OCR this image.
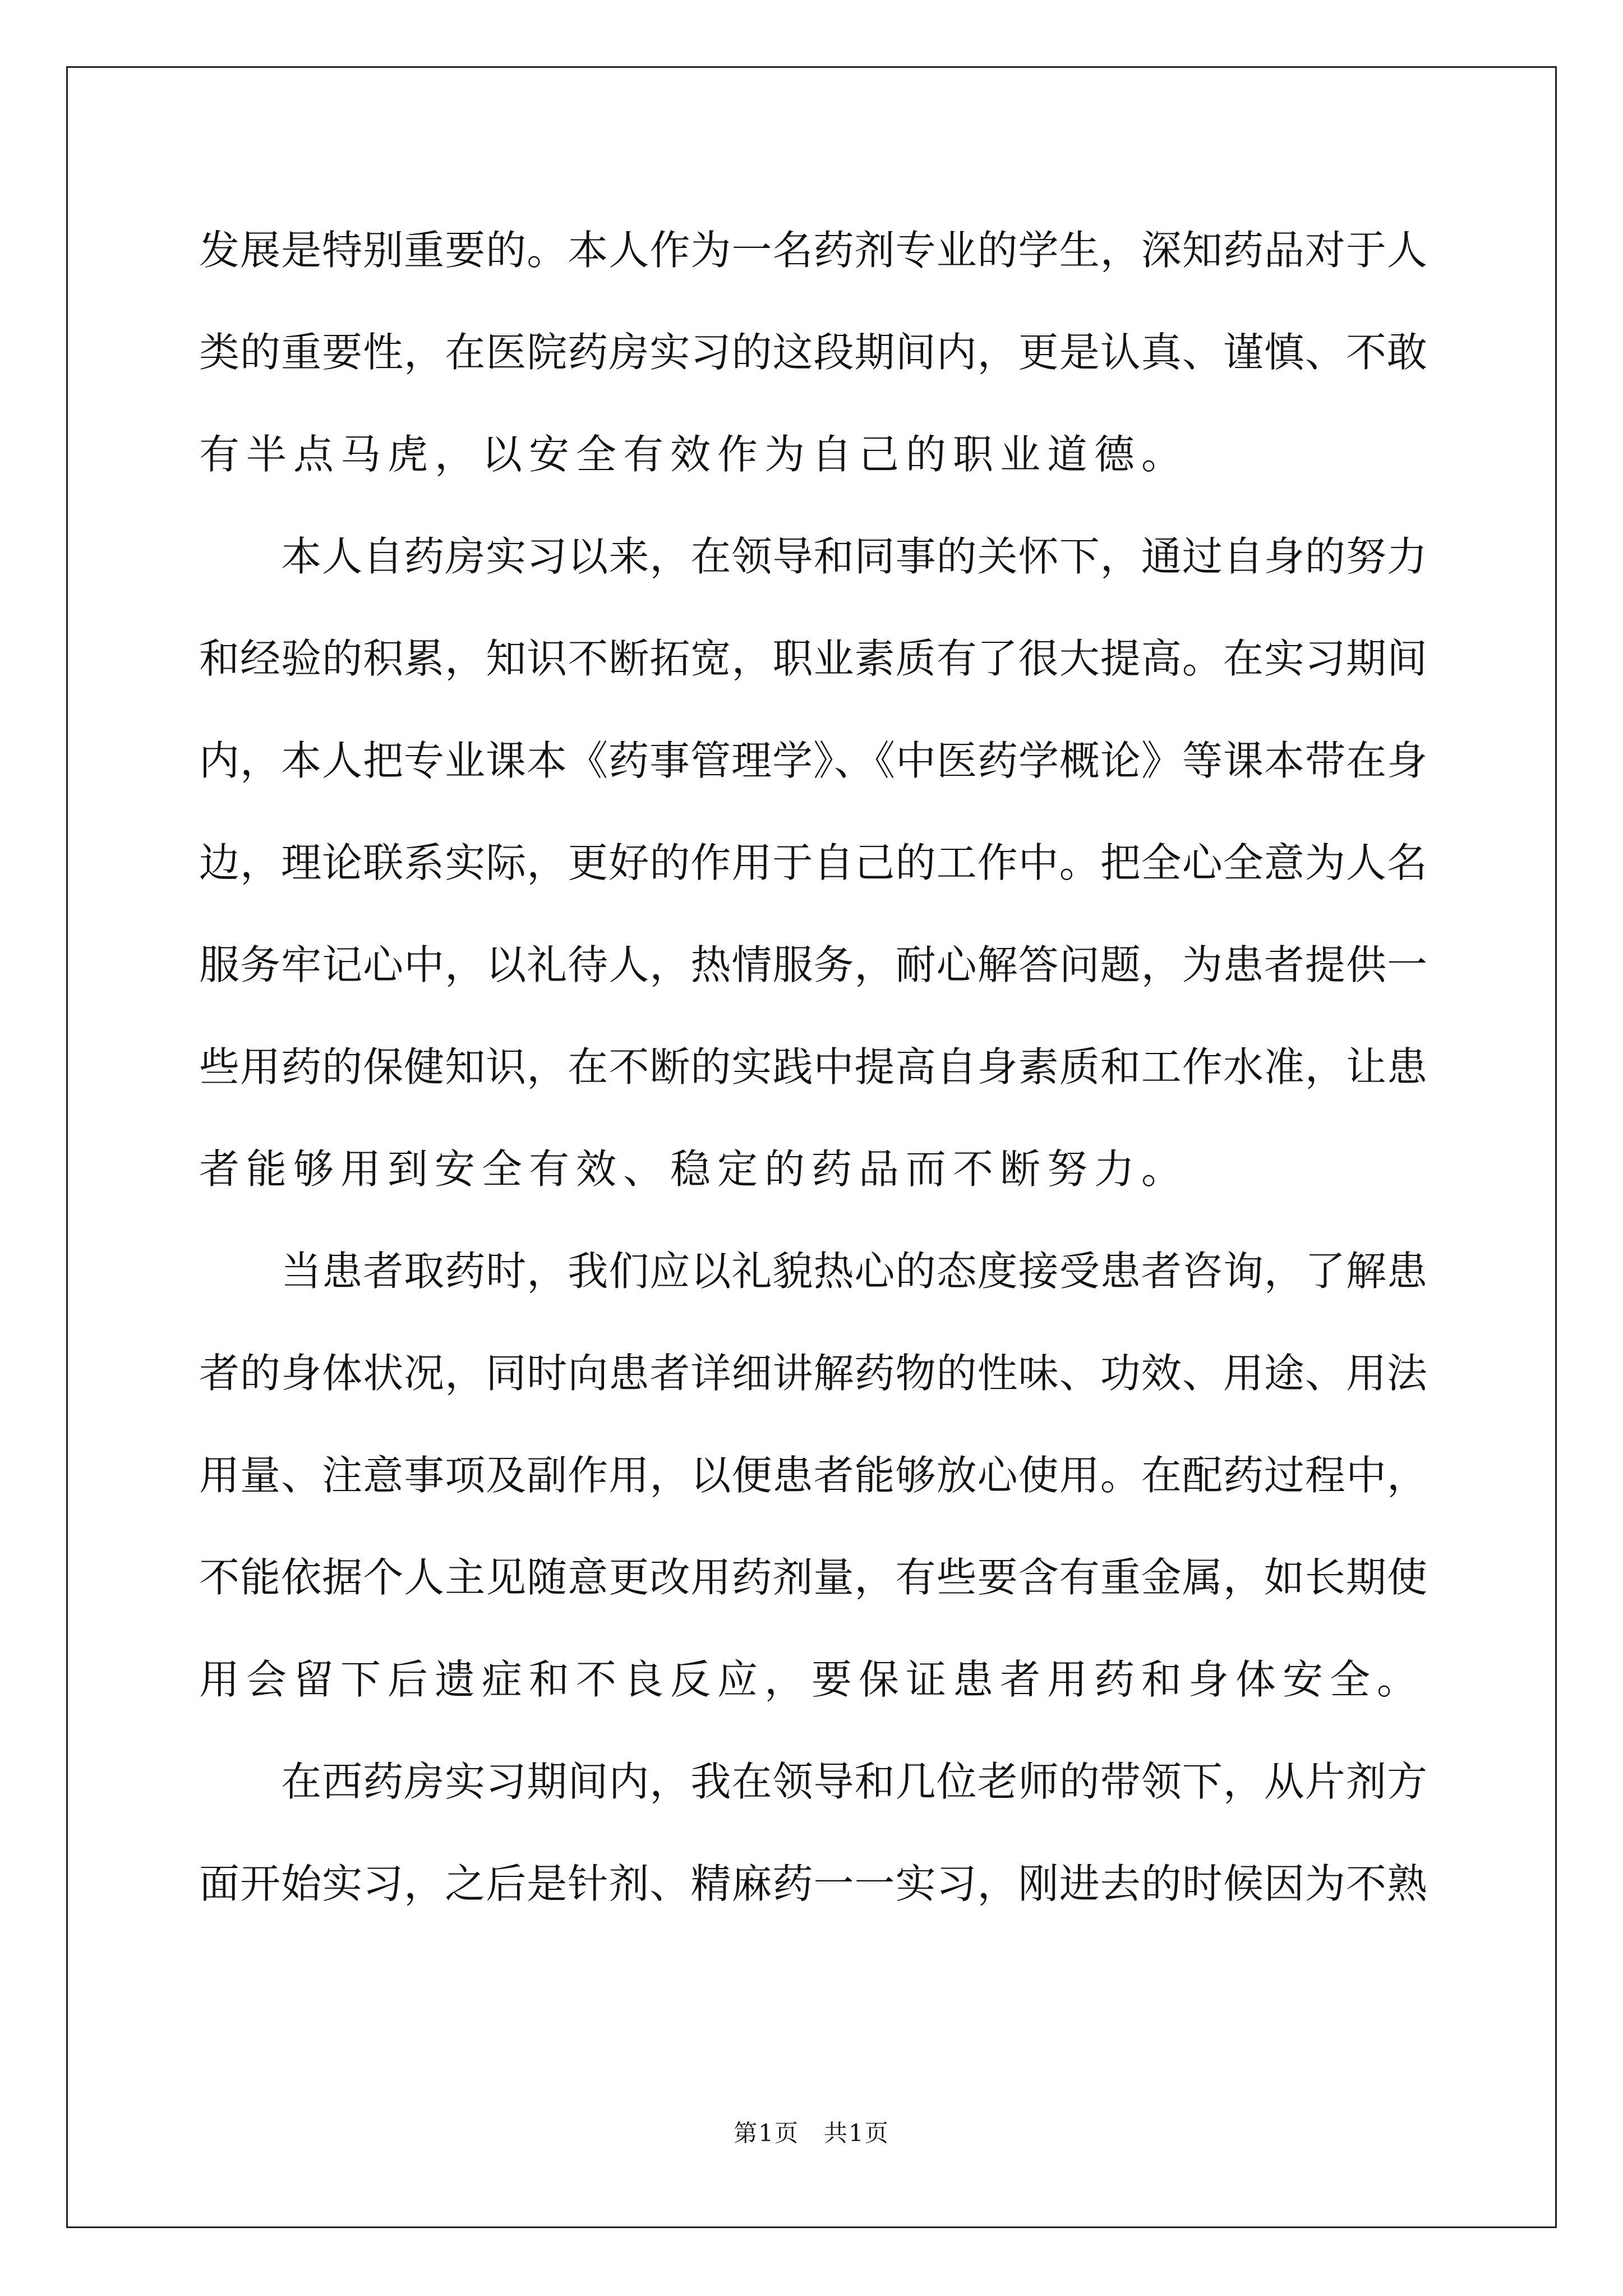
发展是特别重要的。本人作为一名药剂专业的学生，深知药品对于人
类的重要性，在医院药房实习的这段期间内，更是认真、谨慎、不敢
有半点马虎，以安全有效作为自己的职业道德。
　　本人自药房实习以来，在领导和同事的关怀下，通过自身的努力
和经验的积累，知识不断拓宽，职业素质有了很大提高。在实习期间
内，本人把专业课本《药事管理学》、《中医药学概论》等课本带在身
边，理论联系实际，更好的作用于自己的工作中。把全心全意为人名
服务牢记心中，以礼待人，热情服务，耐心解答问题，为患者提供一
些用药的保健知识，在不断的实践中提高自身素质和工作水准，让患
者能够用到安全有效、稳定的药品而不断努力。
　　当患者取药时，我们应以礼貌热心的态度接受患者咨询，了解患
者的身体状况，同时向患者详细讲解药物的性味、功效、用途、用法
用量、注意事项及副作用，以便患者能够放心使用。在配药过程中，
不能依据个人主见随意更改用药剂量，有些要含有重金属，如长期使
用会留下后遗症和不良反应，要保证患者用药和身体安全。
　　在西药房实习期间内，我在领导和几位老师的带领下，从片剂方
面开始实习，之后是针剂、精麻药一一实习，刚进去的时候因为不熟
第1页　共1页
